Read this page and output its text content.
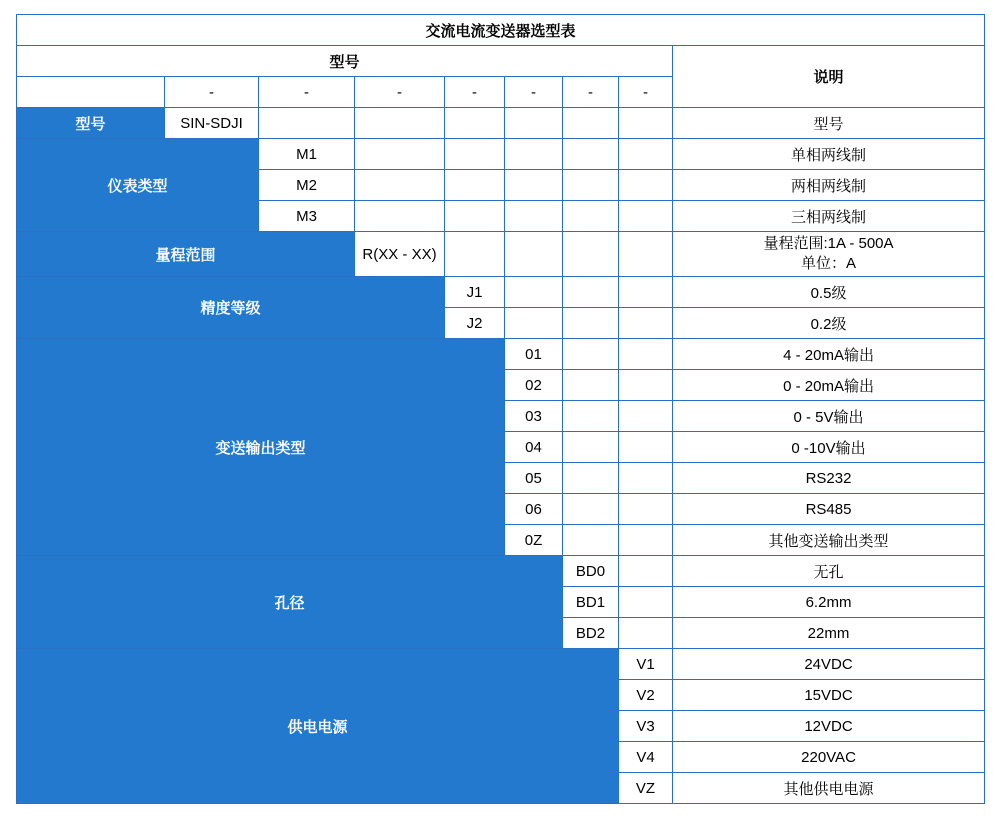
交流电流变送器选型表								
型号								说明
	-	-	-	-	-	-	-	
型号	SIN-SDJI							型号
仪表类型		M1						单相两线制
		M2						两相两线制
		M3						三相两线制
量程范围			R(XX - XX)					量程范围:1A - 500A
单位：A

精度等级				J1				0.5级
				J2				0.2级
变送输出类型					01			4 - 20mA输出
					02			0 - 20mA输出
					03			0 - 5V输出
					04			0 -10V输出
					05			RS232
					06			RS485
					0Z			其他变送输出类型
孔径						BD0		无孔
						BD1		6.2mm
						BD2		22mm
供电电源							V1	24VDC
							V2	15VDC
							V3	12VDC
							V4	220VAC
							VZ	其他供电电源
